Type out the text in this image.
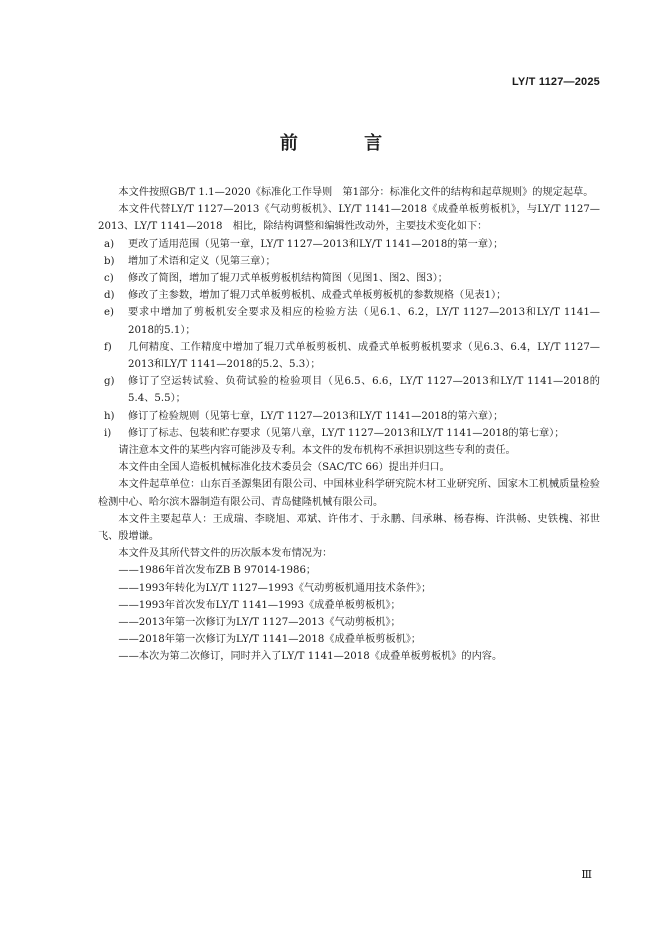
LY/T 1127—2025
前 言

本文件按照GB/T 1.1—2020《标准化工作导则　第1部分：标准化文件的结构和起草规则》的规定起草。

本文件代替LY/T 1127—2013《气动剪板机》、LY/T 1141—2018《成叠单板剪板机》，与LY/T 1127—2013、LY/T 1141—2018　相比，除结构调整和编辑性改动外，主要技术变化如下：

a)	更改了适用范围（见第一章，LY/T 1127—2013和LY/T 1141—2018的第一章）；
b)	增加了术语和定义（见第三章）；
c)	修改了简图，增加了辊刀式单板剪板机结构简图（见图1、图2、图3）；
d)	修改了主参数，增加了辊刀式单板剪板机、成叠式单板剪板机的参数规格（见表1）；
e)	要求中增加了剪板机安全要求及相应的检验方法（见6.1、6.2，LY/T 1127—2013和LY/T 1141—2018的5.1）；
f)	几何精度、工作精度中增加了辊刀式单板剪板机、成叠式单板剪板机要求（见6.3、6.4，LY/T 1127—2013和LY/T 1141—2018的5.2、5.3）；
g)	修订了空运转试验、负荷试验的检验项目（见6.5、6.6，LY/T 1127—2013和LY/T 1141—2018的5.4、5.5）；
h)	修订了检验规则（见第七章，LY/T 1127—2013和LY/T 1141—2018的第六章）；
i)	修订了标志、包装和贮存要求（见第八章，LY/T 1127—2013和LY/T 1141—2018的第七章）；

请注意本文件的某些内容可能涉及专利。本文件的发布机构不承担识别这些专利的责任。

本文件由全国人造板机械标准化技术委员会（SAC/TC 66）提出并归口。

本文件起草单位：山东百圣源集团有限公司、中国林业科学研究院木材工业研究所、国家木工机械质量检验检测中心、哈尔滨木器制造有限公司、青岛健隆机械有限公司。

本文件主要起草人：王成瑞、李晓旭、邓斌、许伟才、于永鹏、闫承琳、杨春梅、许洪畅、史铁槐、祁世飞、殷增谦。

本文件及其所代替文件的历次版本发布情况为：

——1986年首次发布ZB B 97014-1986；

——1993年转化为LY/T 1127—1993《气动剪板机通用技术条件》；

——1993年首次发布LY/T 1141—1993《成叠单板剪板机》；

——2013年第一次修订为LY/T 1127—2013《气动剪板机》；

——2018年第一次修订为LY/T 1141—2018《成叠单板剪板机》；

——本次为第二次修订，同时并入了LY/T 1141—2018《成叠单板剪板机》的内容。

Ⅲ
